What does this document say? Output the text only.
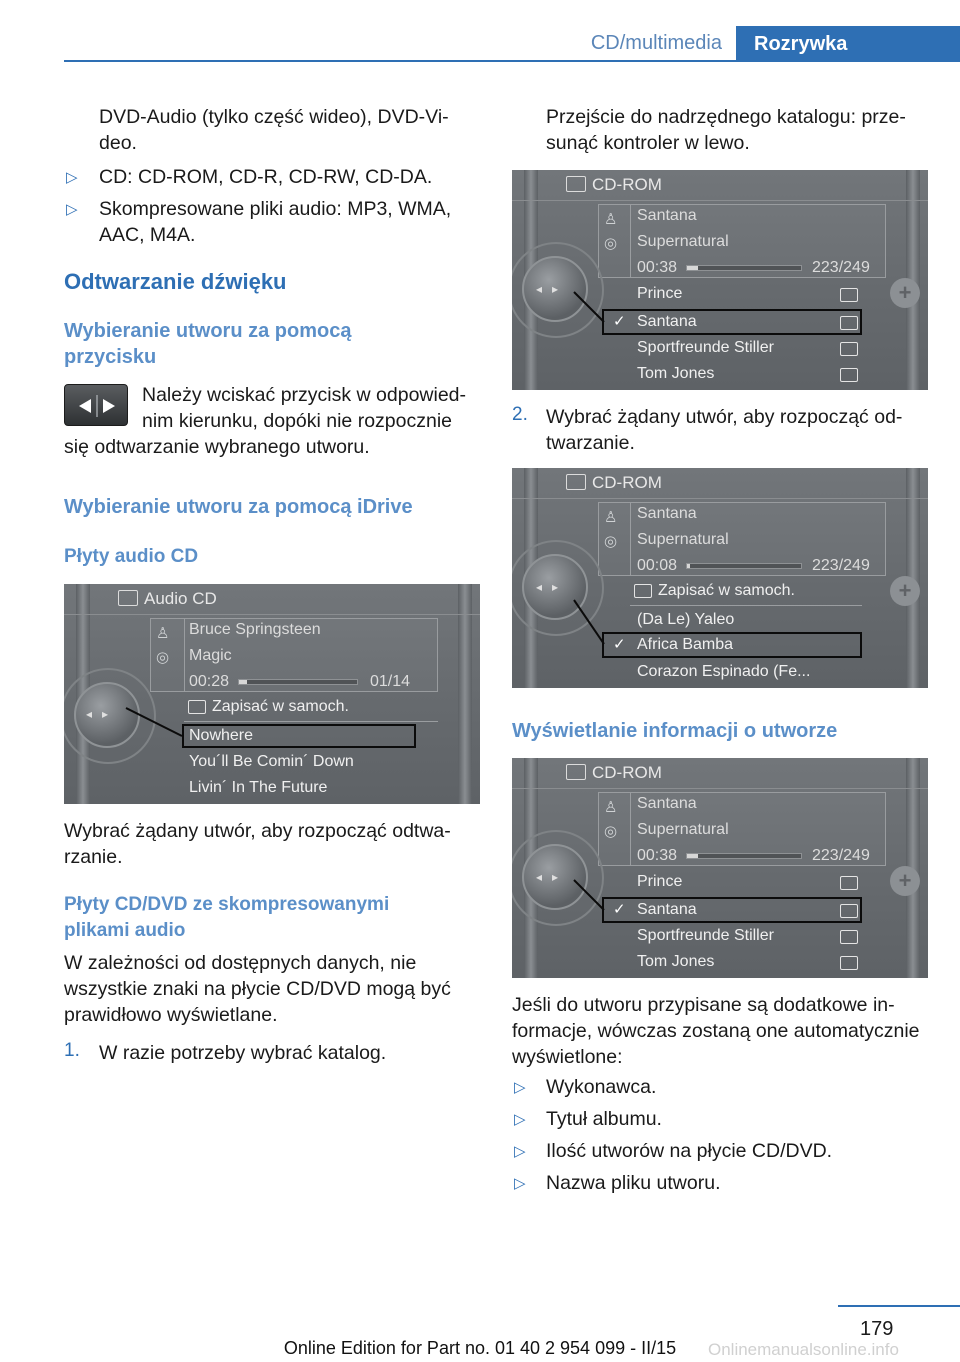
CD/multimedia	Rozrywka
DVD-Audio (tylko część wideo), DVD-Vi-
deo.
▷ CD: CD-ROM, CD-R, CD-RW, CD-DA.
▷ Skompresowane pliki audio: MP3, WMA,
AAC, M4A.
Odtwarzanie dźwięku
Wybieranie utworu za pomocą
przycisku
Należy wciskać przycisk w odpowied-
nim kierunku, dopóki nie rozpocznie
się odtwarzanie wybranego utworu.
Wybieranie utworu za pomocą iDrive
Płyty audio CD
Audio CD
♙
◎
Bruce Springsteen
Magic
00:28	01/14
Zapisać w samoch.
Nowhere
You´ll Be Comin´ Down
Livin´ In The Future
◂   ▸
Wybrać żądany utwór, aby rozpocząć odtwa-
rzanie.
Płyty CD/DVD ze skompresowanymi
plikami audio
W zależności od dostępnych danych, nie
wszystkie znaki na płycie CD/DVD mogą być
prawidłowo wyświetlane.
1. W razie potrzeby wybrać katalog.
Przejście do nadrzędnego katalogu: prze-
sunąć kontroler w lewo.
CD-ROM
♙
◎
Santana
Supernatural
00:38	223/249
Prince
✓ Santana
Sportfreunde Stiller
Tom Jones
◂   ▸	+
2. Wybrać żądany utwór, aby rozpocząć od-
twarzanie.
CD-ROM
♙
◎
Santana
Supernatural
00:08	223/249
Zapisać w samoch.
(Da Le) Yaleo
✓ Africa Bamba
Corazon Espinado (Fe...
◂   ▸	+
Wyświetlanie informacji o utworze
CD-ROM
♙
◎
Santana
Supernatural
00:38	223/249
Prince
✓ Santana
Sportfreunde Stiller
Tom Jones
◂   ▸	+
Jeśli do utworu przypisane są dodatkowe in-
formacje, wówczas zostaną one automatycznie
wyświetlone:
▷ Wykonawca.
▷ Tytuł albumu.
▷ Ilość utworów na płycie CD/DVD.
▷ Nazwa pliku utworu.
179
Online Edition for Part no. 01 40 2 954 099 - II/15	Onlinemanualsonline.info
